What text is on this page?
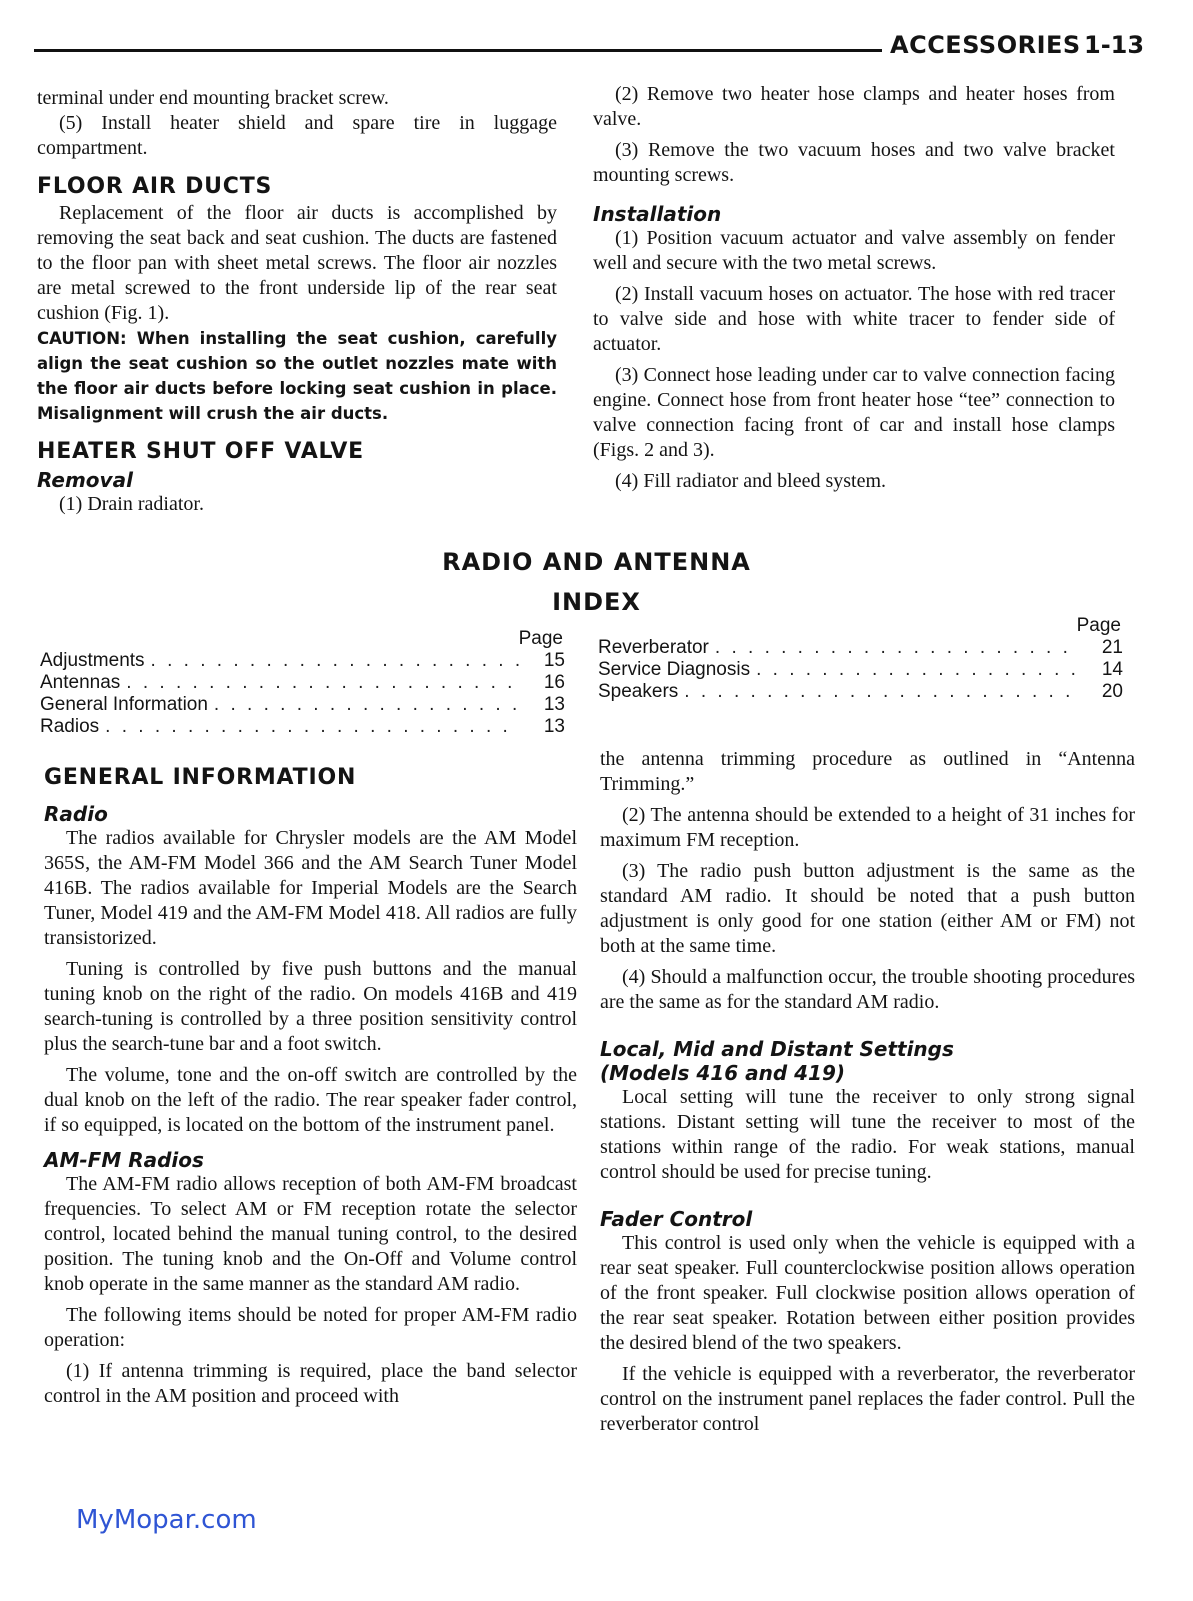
ACCESSORIES 1-13

terminal under end mounting bracket screw.

(5) Install heater shield and spare tire in luggage compartment.

FLOOR AIR DUCTS

Replacement of the floor air ducts is accomplished by removing the seat back and seat cushion. The ducts are fastened to the floor pan with sheet metal screws. The floor air nozzles are metal screwed to the front underside lip of the rear seat cushion (Fig. 1).

CAUTION: When installing the seat cushion, carefully align the seat cushion so the outlet nozzles mate with the floor air ducts before locking seat cushion in place. Misalignment will crush the air ducts.

HEATER SHUT OFF VALVE
Removal

(1) Drain radiator.

(2) Remove two heater hose clamps and heater hoses from valve.

(3) Remove the two vacuum hoses and two valve bracket mounting screws.

Installation

(1) Position vacuum actuator and valve assembly on fender well and secure with the two metal screws.

(2) Install vacuum hoses on actuator. The hose with red tracer to valve side and hose with white tracer to fender side of actuator.

(3) Connect hose leading under car to valve connection facing engine. Connect hose from front heater hose “tee” connection to valve connection facing front of car and install hose clamps (Figs. 2 and 3).

(4) Fill radiator and bleed system.

RADIO AND ANTENNA
INDEX
Page
Adjustments . . .	15
Antennas . . .	16
General Information . . .	13
Radios . . .	13
Page
Reverberator . . .	21
Service Diagnosis . . .	14
Speakers . . .	20
GENERAL INFORMATION
Radio

The radios available for Chrysler models are the AM Model 365S, the AM-FM Model 366 and the AM Search Tuner Model 416B. The radios available for Imperial Models are the Search Tuner, Model 419 and the AM-FM Model 418. All radios are fully transistorized.

Tuning is controlled by five push buttons and the manual tuning knob on the right of the radio. On models 416B and 419 search-tuning is controlled by a three position sensitivity control plus the search-tune bar and a foot switch.

The volume, tone and the on-off switch are controlled by the dual knob on the left of the radio. The rear speaker fader control, if so equipped, is located on the bottom of the instrument panel.

AM-FM Radios

The AM-FM radio allows reception of both AM-FM broadcast frequencies. To select AM or FM reception rotate the selector control, located behind the manual tuning control, to the desired position. The tuning knob and the On-Off and Volume control knob operate in the same manner as the standard AM radio.

The following items should be noted for proper AM-FM radio operation:

(1) If antenna trimming is required, place the band selector control in the AM position and proceed with

the antenna trimming procedure as outlined in “Antenna Trimming.”

(2) The antenna should be extended to a height of 31 inches for maximum FM reception.

(3) The radio push button adjustment is the same as the standard AM radio. It should be noted that a push button adjustment is only good for one station (either AM or FM) not both at the same time.

(4) Should a malfunction occur, the trouble shooting procedures are the same as for the standard AM radio.

Local, Mid and Distant Settings
(Models 416 and 419)

Local setting will tune the receiver to only strong signal stations. Distant setting will tune the receiver to most of the stations within range of the radio. For weak stations, manual control should be used for precise tuning.

Fader Control

This control is used only when the vehicle is equipped with a rear seat speaker. Full counterclockwise position allows operation of the front speaker. Full clockwise position allows operation of the rear seat speaker. Rotation between either position provides the desired blend of the two speakers.

If the vehicle is equipped with a reverberator, the reverberator control on the instrument panel replaces the fader control. Pull the reverberator control

MyMopar.com
